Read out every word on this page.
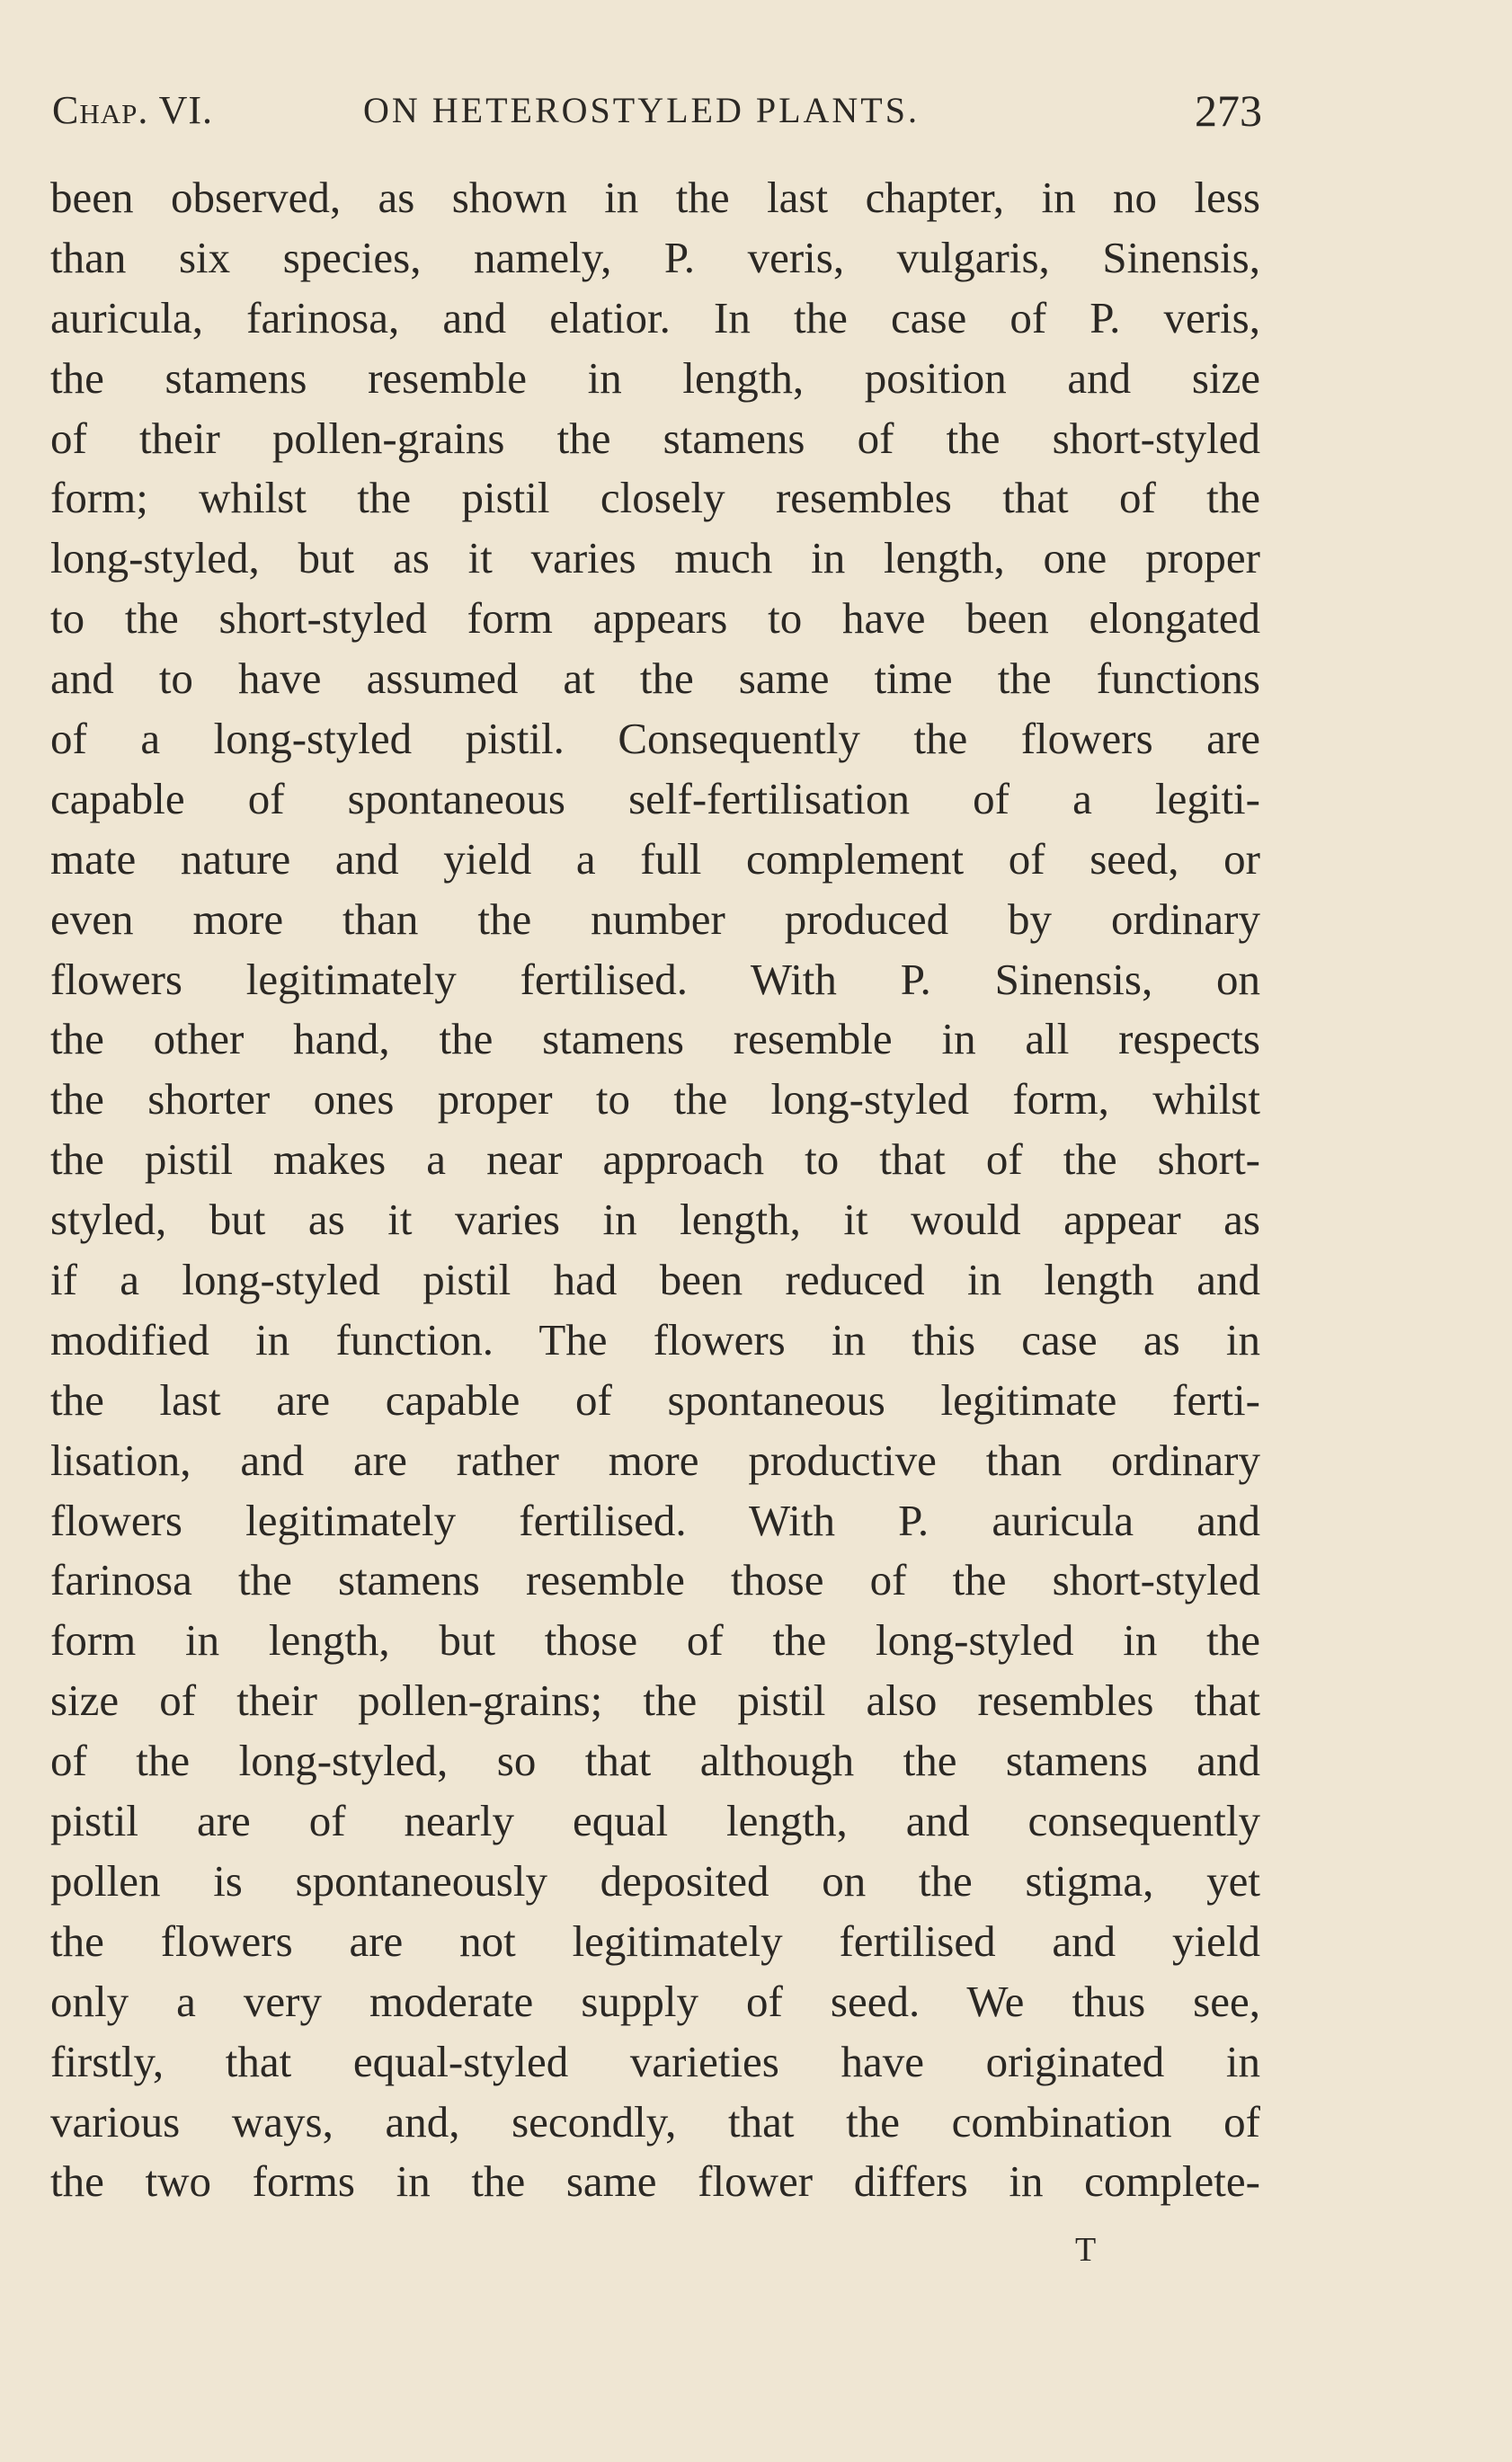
Chap. VI.	ON HETEROSTYLED PLANTS.	273
been observed, as shown in the last chapter, in no less
than six species, namely, P. veris, vulgaris, Sinensis,
auricula, farinosa, and elatior. In the case of P. veris,
the stamens resemble in length, position and size
of their pollen-grains the stamens of the short-styled
form; whilst the pistil closely resembles that of the
long-styled, but as it varies much in length, one proper
to the short-styled form appears to have been elongated
and to have assumed at the same time the functions
of a long-styled pistil. Consequently the flowers are
capable of spontaneous self-fertilisation of a legiti-
mate nature and yield a full complement of seed, or
even more than the number produced by ordinary
flowers legitimately fertilised. With P. Sinensis, on
the other hand, the stamens resemble in all respects
the shorter ones proper to the long-styled form, whilst
the pistil makes a near approach to that of the short-
styled, but as it varies in length, it would appear as
if a long-styled pistil had been reduced in length and
modified in function. The flowers in this case as in
the last are capable of spontaneous legitimate ferti-
lisation, and are rather more productive than ordinary
flowers legitimately fertilised. With P. auricula and
farinosa the stamens resemble those of the short-styled
form in length, but those of the long-styled in the
size of their pollen-grains; the pistil also resembles that
of the long-styled, so that although the stamens and
pistil are of nearly equal length, and consequently
pollen is spontaneously deposited on the stigma, yet
the flowers are not legitimately fertilised and yield
only a very moderate supply of seed. We thus see,
firstly, that equal-styled varieties have originated in
various ways, and, secondly, that the combination of
the two forms in the same flower differs in complete-
T
